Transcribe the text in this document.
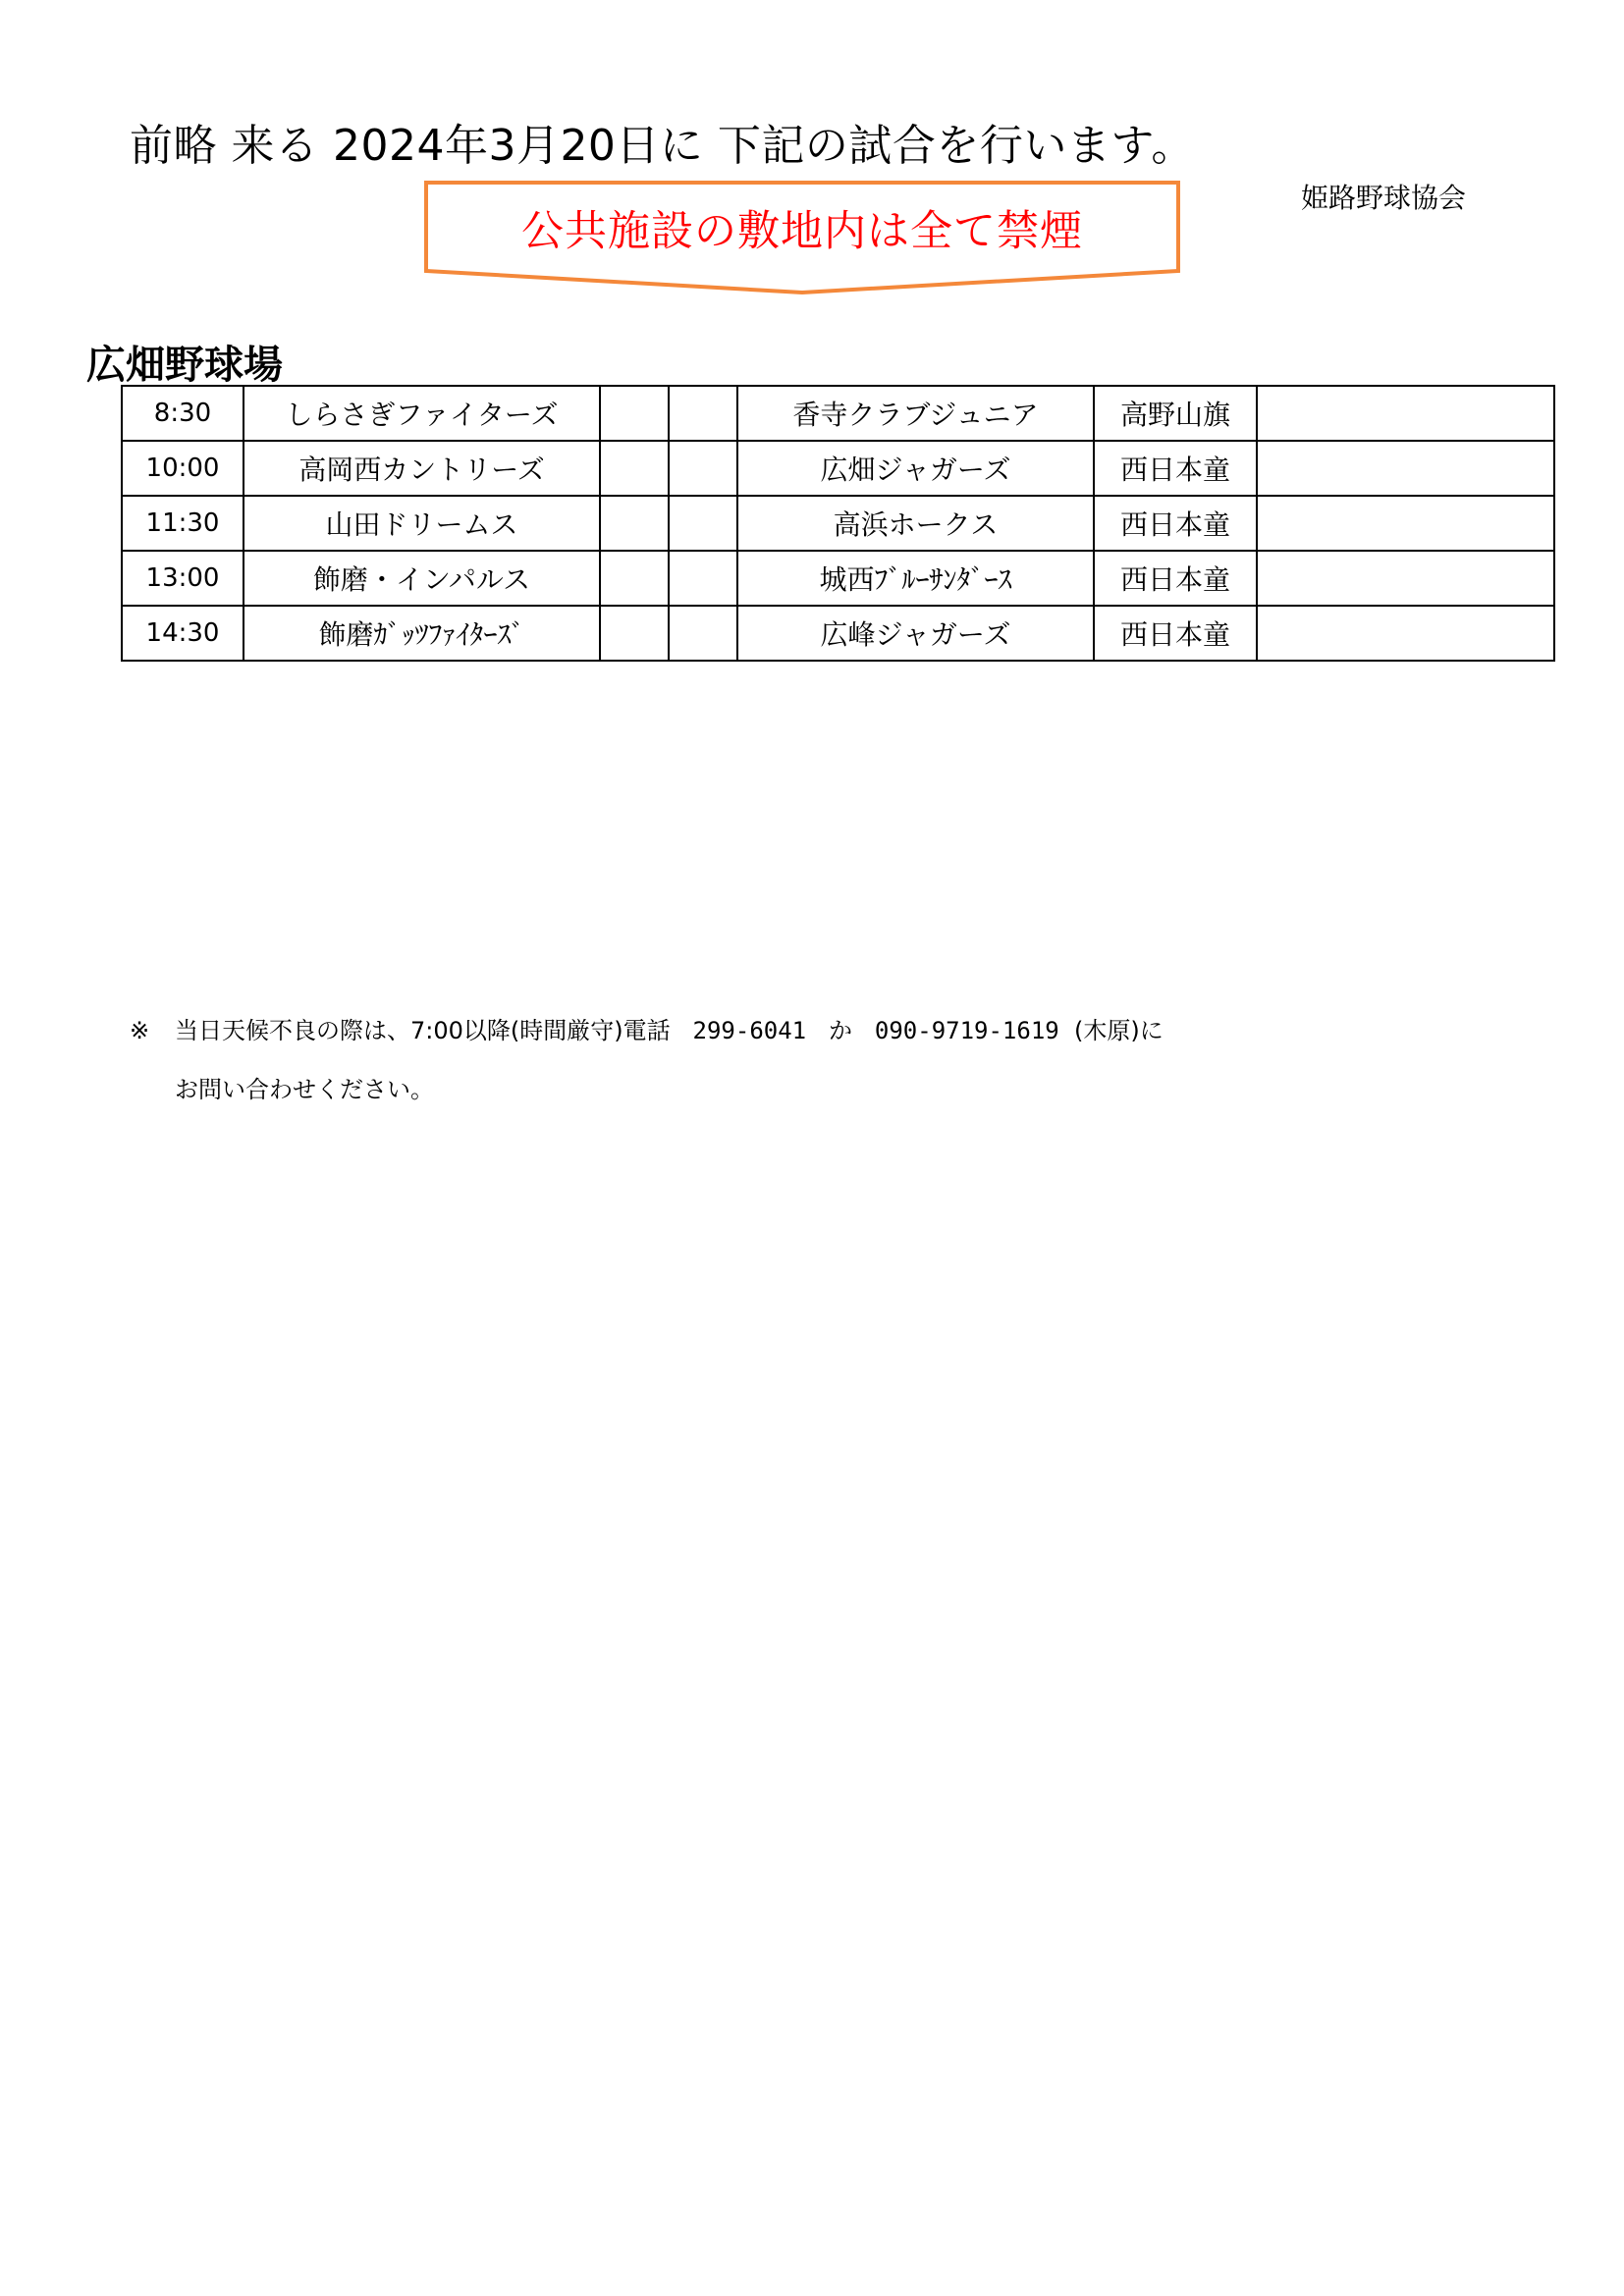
前略 来る 2024年3月20日に 下記の試合を行います。
姫路野球協会
公共施設の敷地内は全て禁煙
広畑野球場
8:30	しらさぎファイターズ			香寺クラブジュニア	高野山旗	
10:00	高岡西カントリーズ			広畑ジャガーズ	西日本童	
11:30	山田ドリームス			高浜ホークス	西日本童	
13:00	飾磨・インパルス			城西ﾌﾞﾙｰｻﾝﾀﾞｰｽ	西日本童	
14:30	飾磨ｶﾞｯﾂﾌｧｲﾀｰｽﾞ			広峰ジャガーズ	西日本童	
※ 当日天候不良の際は、7:00以降(時間厳守)電話 299-6041 か 090-9719-1619 (木原)に
お問い合わせください。
